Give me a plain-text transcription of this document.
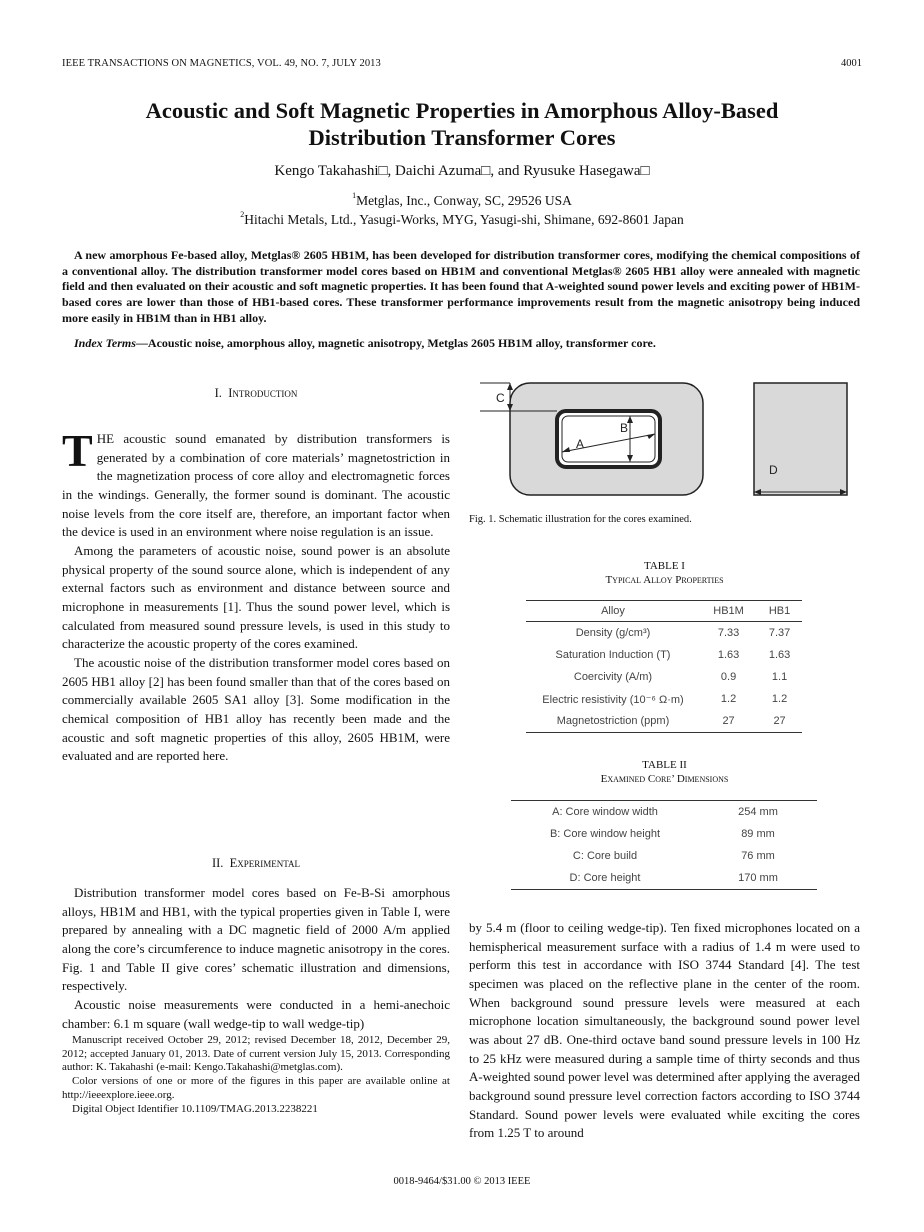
IEEE TRANSACTIONS ON MAGNETICS, VOL. 49, NO. 7, JULY 2013	4001
Acoustic and Soft Magnetic Properties in Amorphous Alloy-Based
Distribution Transformer Cores
Kengo Takahashi□, Daichi Azuma□, and Ryusuke Hasegawa□
$^1$Metglas, Inc., Conway, SC, 29526 USA
$^2$Hitachi Metals, Ltd., Yasugi-Works, MYG, Yasugi-shi, Shimane, 692-8601 Japan
A new amorphous Fe-based alloy, Metglas® 2605 HB1M, has been developed for distribution transformer cores, modifying the chemical compositions of a conventional alloy. The distribution transformer model cores based on HB1M and conventional Metglas® 2605 HB1 alloy were annealed with magnetic field and then evaluated on their acoustic and soft magnetic properties. It has been found that A-weighted sound power levels and exciting power of HB1M-based cores are lower than those of HB1-based cores. These transformer performance improvements result from the magnetic anisotropy being induced more easily in HB1M than in HB1 alloy.
Index Terms—Acoustic noise, amorphous alloy, magnetic anisotropy, Metglas 2605 HB1M alloy, transformer core.
I. Introduction

THE acoustic sound emanated by distribution transformers is generated by a combination of core materials’ magnetostriction in the magnetization process of core alloy and electromagnetic forces in the windings. Generally, the former sound is dominant. The acoustic noise levels from the core itself are, therefore, an important factor when the device is used in an environment where noise regulation is an issue.

Among the parameters of acoustic noise, sound power is an absolute physical property of the sound source alone, which is independent of any external factors such as environment and distance between source and microphone in measurements [1]. Thus the sound power level, which is calculated from measured sound pressure levels, is used in this study to characterize the acoustic property of the cores examined.

The acoustic noise of the distribution transformer model cores based on 2605 HB1 alloy [2] has been found smaller than that of the cores based on commercially available 2605 SA1 alloy [3]. Some modification in the chemical composition of HB1 alloy has recently been made and the acoustic and soft magnetic properties of this alloy, 2605 HB1M, were evaluated and are reported here.

II. Experimental

Distribution transformer model cores based on Fe-B-Si amorphous alloys, HB1M and HB1, with the typical properties given in Table I, were prepared by annealing with a DC magnetic field of 2000 A/m applied along the core’s circumference to induce magnetic anisotropy in the cores. Fig. 1 and Table II give cores’ schematic illustration and dimensions, respectively.

Acoustic noise measurements were conducted in a hemi-anechoic chamber: 6.1 m square (wall wedge-tip to wall wedge-tip)

Manuscript received October 29, 2012; revised December 18, 2012, December 29, 2012; accepted January 01, 2013. Date of current version July 15, 2013. Corresponding author: K. Takahashi (e-mail: Kengo.Takahashi@metglas.com).

Color versions of one or more of the figures in this paper are available online at http://ieeexplore.ieee.org.

Digital Object Identifier 10.1109/TMAG.2013.2238221

A
B
C
D
Fig. 1. Schematic illustration for the cores examined.
TABLE I
Typical Alloy Properties
Alloy	HB1M	HB1
Density (g/cm³)	7.33	7.37
Saturation Induction (T)	1.63	1.63
Coercivity (A/m)	0.9	1.1
Electric resistivity (10⁻⁶ Ω·m)	1.2	1.2
Magnetostriction (ppm)	27	27
TABLE II
Examined Core’ Dimensions
A: Core window width	254 mm
B: Core window height	89 mm
C: Core build	76 mm
D: Core height	170 mm

by 5.4 m (floor to ceiling wedge-tip). Ten fixed microphones located on a hemispherical measurement surface with a radius of 1.4 m were used to perform this test in accordance with ISO 3744 Standard [4]. The test specimen was placed on the reflective plane in the center of the room. When background sound pressure levels were measured at each microphone location simultaneously, the background sound power level was about 27 dB. One-third octave band sound pressure levels in 100 Hz to 25 kHz were measured during a sample time of thirty seconds and thus A-weighted sound power level was determined after applying the averaged background sound pressure level correction factors according to ISO 3744 Standard. Sound power levels were evaluated while exciting the cores from 1.25 T to around

0018-9464/$31.00 © 2013 IEEE
